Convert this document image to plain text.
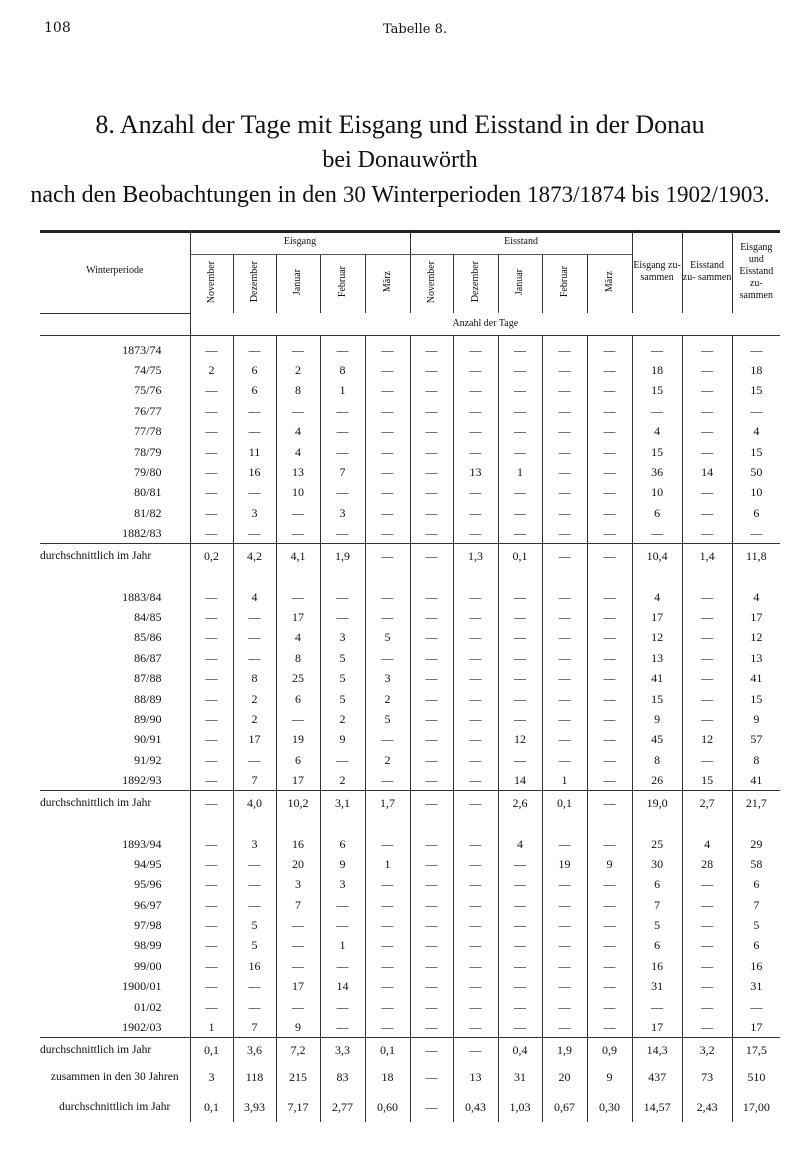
108	Tabelle 8.
8. Anzahl der Tage mit Eisgang und Eisstand in der Donau
bei Donauwörth
nach den Beobachtungen in den 30 Winterperioden 1873/1874 bis 1902/1903.
Winterperiode	Eisgang					Eisstand					Eisgang zu- sammen	Eisstand zu- sammen	Eisgang und Eisstand zu- sammen
	November	Dezember	Januar	Februar	März	November	Dezember	Januar	Februar	März			
	Anzahl der Tage												
1873/74	—	—	—	—	—	—	—	—	—	—	—	—	—
74/75	2	6	2	8	—	—	—	—	—	—	18	—	18
75/76	—	6	8	1	—	—	—	—	—	—	15	—	15
76/77	—	—	—	—	—	—	—	—	—	—	—	—	—
77/78	—	—	4	—	—	—	—	—	—	—	4	—	4
78/79	—	11	4	—	—	—	—	—	—	—	15	—	15
79/80	—	16	13	7	—	—	13	1	—	—	36	14	50
80/81	—	—	10	—	—	—	—	—	—	—	10	—	10
81/82	—	3	—	3	—	—	—	—	—	—	6	—	6
1882/83	—	—	—	—	—	—	—	—	—	—	—	—	—
durchschnittlich im Jahr	0,2	4,2	4,1	1,9	—	—	1,3	0,1	—	—	10,4	1,4	11,8

1883/84	—	4	—	—	—	—	—	—	—	—	4	—	4
84/85	—	—	17	—	—	—	—	—	—	—	17	—	17
85/86	—	—	4	3	5	—	—	—	—	—	12	—	12
86/87	—	—	8	5	—	—	—	—	—	—	13	—	13
87/88	—	8	25	5	3	—	—	—	—	—	41	—	41
88/89	—	2	6	5	2	—	—	—	—	—	15	—	15
89/90	—	2	—	2	5	—	—	—	—	—	9	—	9
90/91	—	17	19	9	—	—	—	12	—	—	45	12	57
91/92	—	—	6	—	2	—	—	—	—	—	8	—	8
1892/93	—	7	17	2	—	—	—	14	1	—	26	15	41
durchschnittlich im Jahr	—	4,0	10,2	3,1	1,7	—	—	2,6	0,1	—	19,0	2,7	21,7

1893/94	—	3	16	6	—	—	—	4	—	—	25	4	29
94/95	—	—	20	9	1	—	—	—	19	9	30	28	58
95/96	—	—	3	3	—	—	—	—	—	—	6	—	6
96/97	—	—	7	—	—	—	—	—	—	—	7	—	7
97/98	—	5	—	—	—	—	—	—	—	—	5	—	5
98/99	—	5	—	1	—	—	—	—	—	—	6	—	6
99/00	—	16	—	—	—	—	—	—	—	—	16	—	16
1900/01	—	—	17	14	—	—	—	—	—	—	31	—	31
01/02	—	—	—	—	—	—	—	—	—	—	—	—	—
1902/03	1	7	9	—	—	—	—	—	—	—	17	—	17
durchschnittlich im Jahr	0,1	3,6	7,2	3,3	0,1	—	—	0,4	1,9	0,9	14,3	3,2	17,5
zusammen in den 30 Jahren	3	118	215	83	18	—	13	31	20	9	437	73	510
durchschnittlich im Jahr	0,1	3,93	7,17	2,77	0,60	—	0,43	1,03	0,67	0,30	14,57	2,43	17,00
